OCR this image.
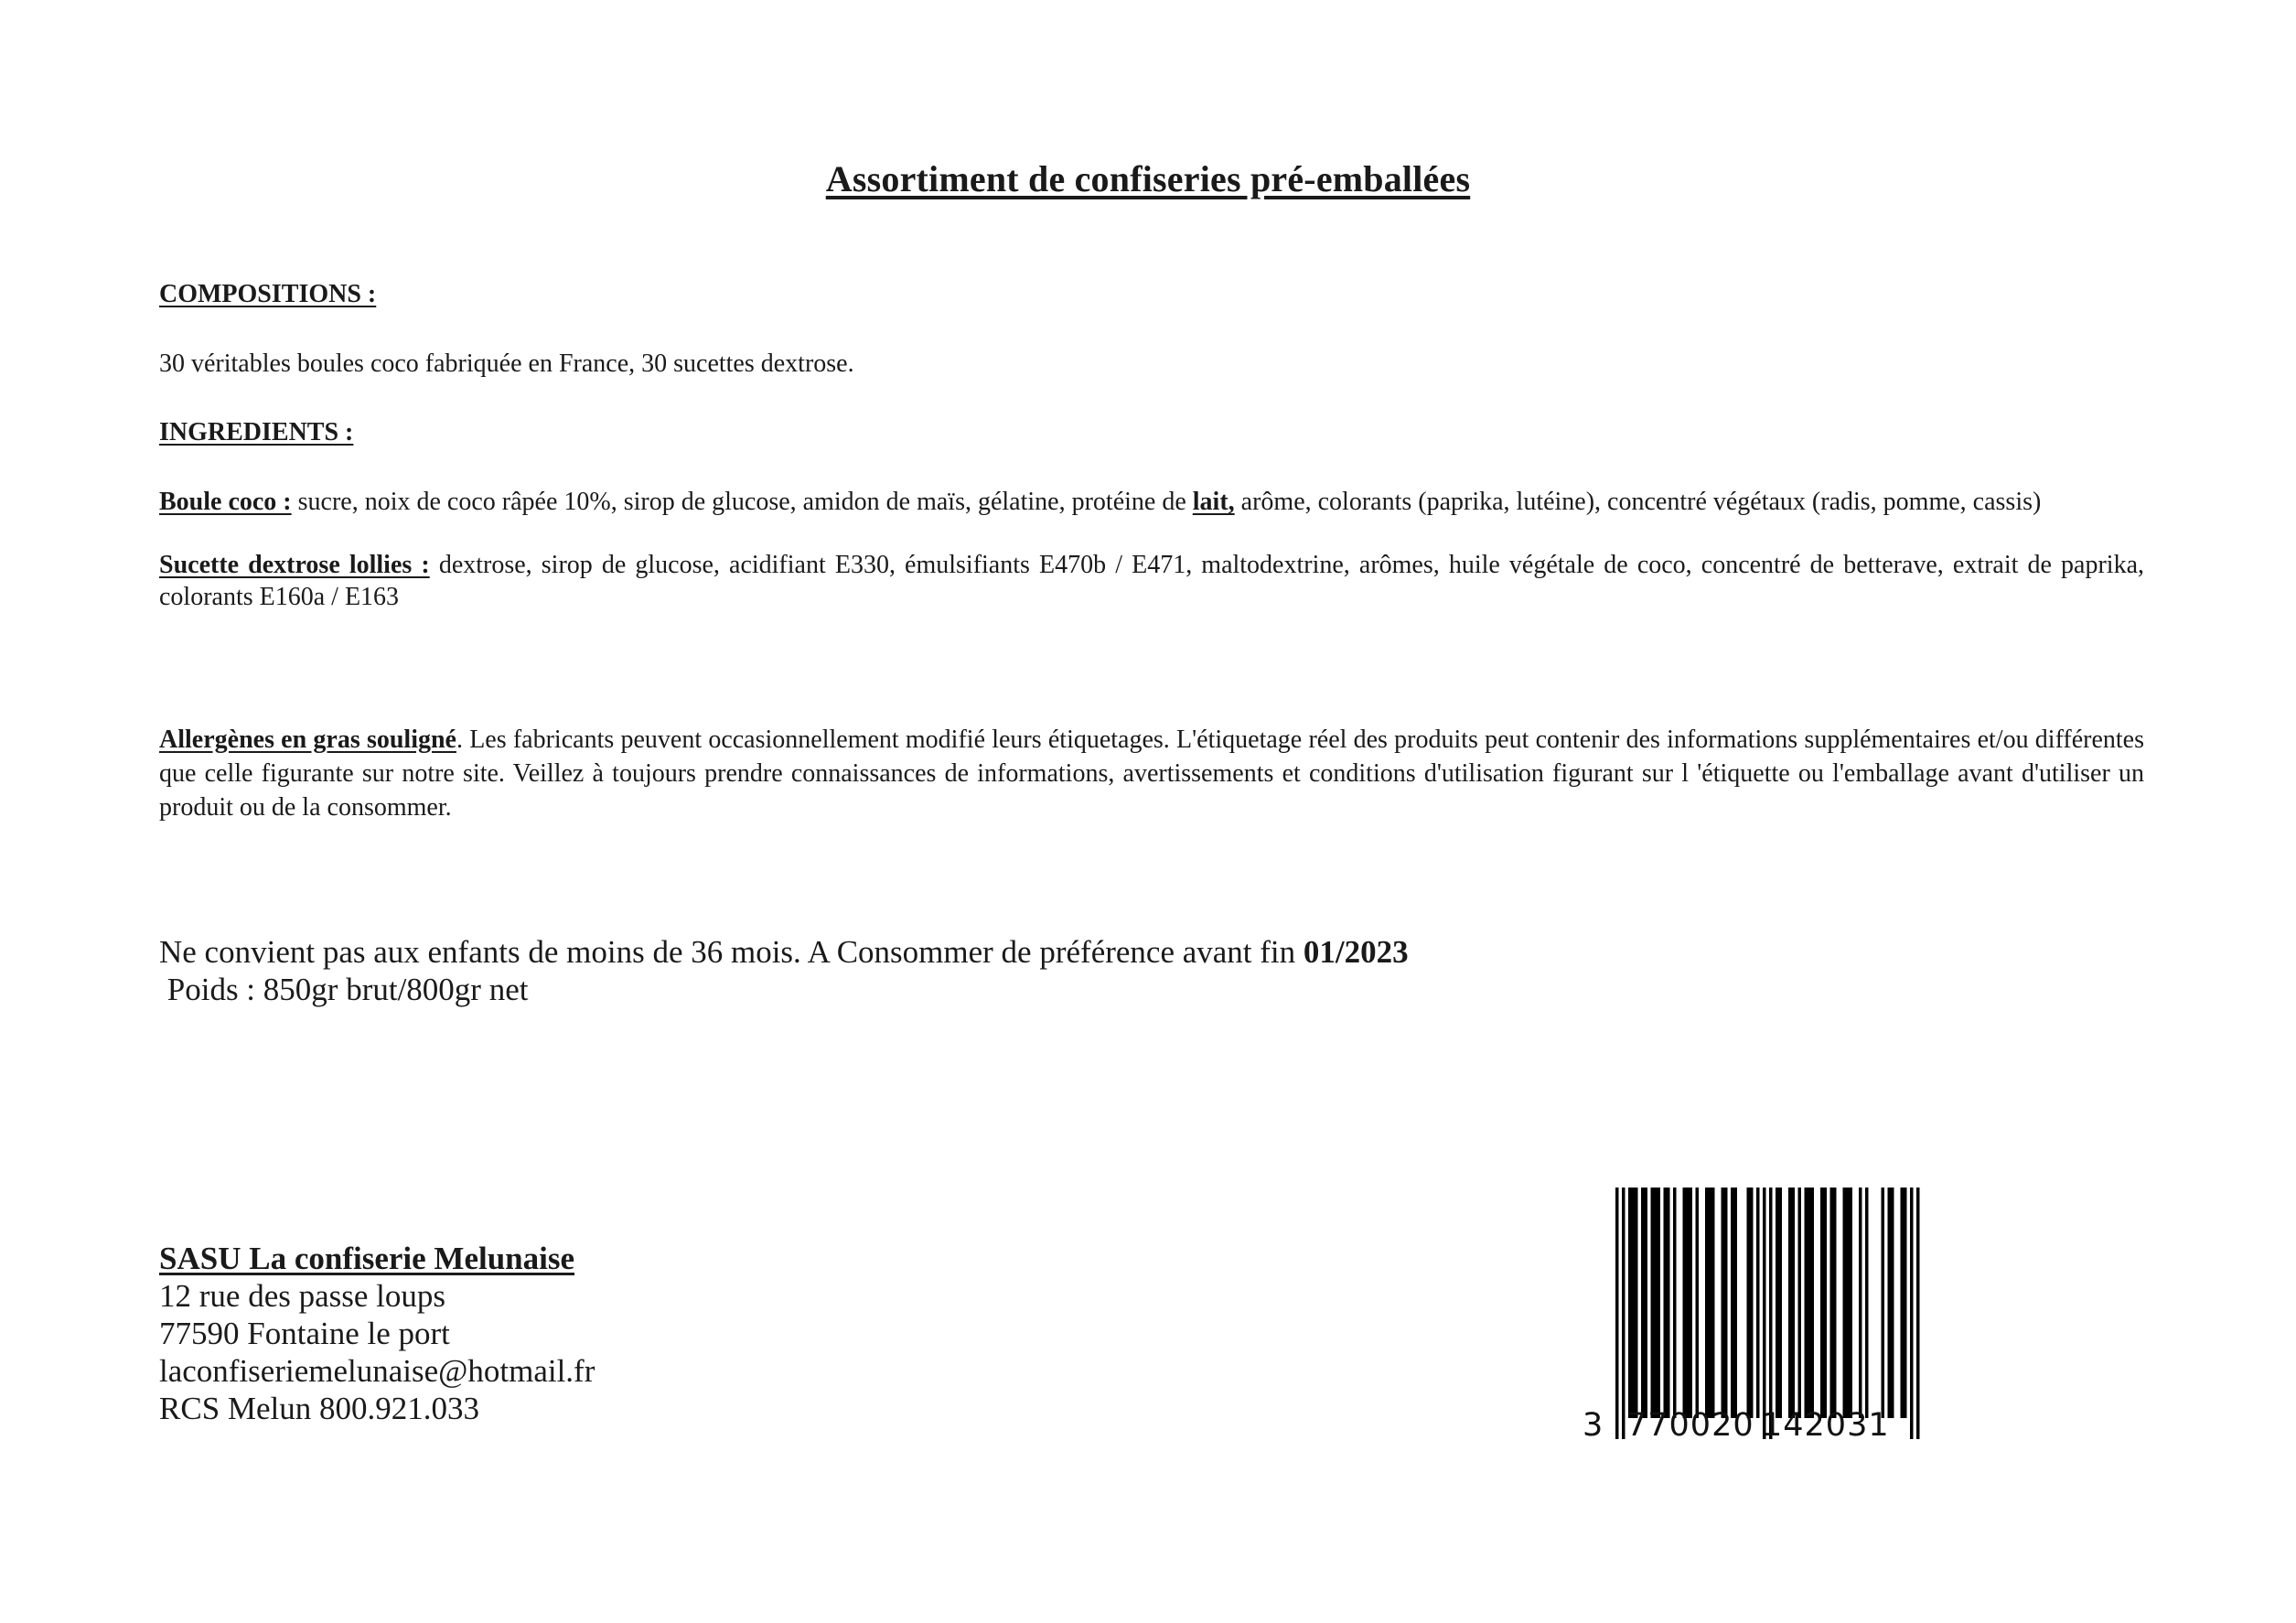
Assortiment de confiseries pré-emballées
COMPOSITIONS :
30 véritables boules coco fabriquée en France, 30 sucettes dextrose.
INGREDIENTS :
Boule coco : sucre, noix de coco râpée 10%, sirop de glucose, amidon de maïs, gélatine, protéine de lait, arôme, colorants (paprika, lutéine), concentré végétaux (radis, pomme, cassis)
Sucette dextrose lollies : dextrose, sirop de glucose, acidifiant E330, émulsifiants E470b / E471, maltodextrine, arômes, huile végétale de coco, concentré de betterave, extrait de paprika, colorants E160a / E163
Allergènes en gras souligné. Les fabricants peuvent occasionnellement modifié leurs étiquetages. L'étiquetage réel des produits peut contenir des informations supplémentaires et/ou différentes que celle figurante sur notre site. Veillez à toujours prendre connaissances de informations, avertissements et conditions d'utilisation figurant sur l 'étiquette ou l'emballage avant d'utiliser un produit ou de la consommer.
Ne convient pas aux enfants de moins de 36 mois. A Consommer de préférence avant fin 01/2023
Poids : 850gr brut/800gr net
SASU La confiserie Melunaise
12 rue des passe loups
77590 Fontaine le port
laconfiseriemelunaise@hotmail.fr
RCS Melun 800.921.033	3 770020 142031
